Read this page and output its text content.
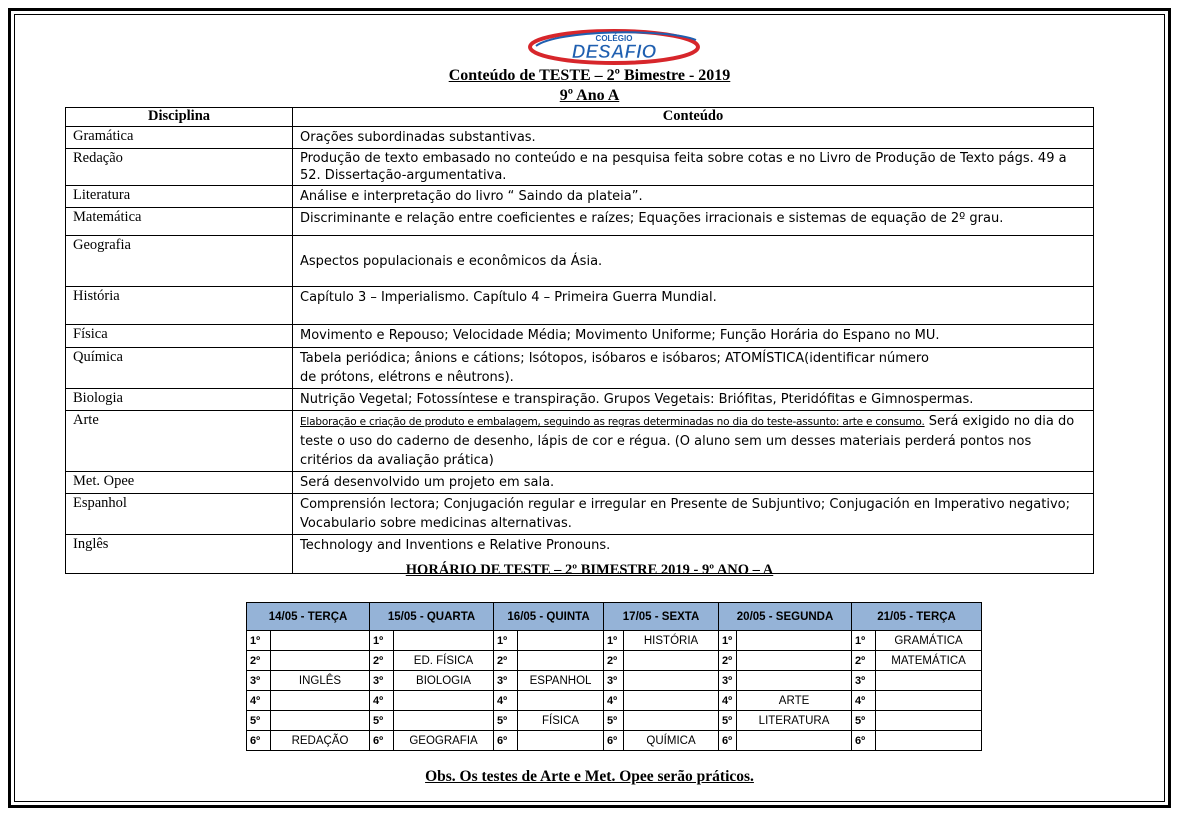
COLÉGIO
DESAFIO
Conteúdo de TESTE – 2º Bimestre - 2019
9º Ano A
Disciplina	Conteúdo
Gramática	Orações subordinadas substantivas.
Redação	Produção de texto embasado no conteúdo e na pesquisa feita sobre cotas e no Livro de Produção de Texto págs. 49 a 52. Dissertação-argumentativa.
Literatura	Análise e interpretação do livro “ Saindo da plateia”.
Matemática	Discriminante e relação entre coeficientes e raízes; Equações irracionais e sistemas de equação de 2º grau.
Geografia	Aspectos populacionais e econômicos da Ásia.
História	Capítulo 3 – Imperialismo. Capítulo 4 – Primeira Guerra Mundial.
Física	Movimento e Repouso; Velocidade Média; Movimento Uniforme; Função Horária do Espano no MU.
Química	Tabela periódica; ânions e cátions; Isótopos, isóbaros e isóbaros; ATOMÍSTICA(identificar número
de prótons, elétrons e nêutrons).

Biologia	Nutrição Vegetal; Fotossíntese e transpiração. Grupos Vegetais: Briófitas, Pteridófitas e Gimnospermas.
Arte	Elaboração e criação de produto e embalagem, seguindo as regras determinadas no dia do teste-assunto: arte e consumo. Será exigido no dia do teste o uso do caderno de desenho, lápis de cor e régua. (O aluno sem um desses materiais perderá pontos nos critérios da avaliação prática)
Met. Opee	Será desenvolvido um projeto em sala.
Espanhol	Comprensión lectora; Conjugación regular e irregular en Presente de Subjuntivo; Conjugación en Imperativo negativo; Vocabulario sobre medicinas alternativas.
Inglês	Technology and Inventions e Relative Pronouns.
HORÁRIO DE TESTE – 2º BIMESTRE 2019 - 9º ANO – A
14/05 - TERÇA		15/05 - QUARTA		16/05 - QUINTA		17/05 - SEXTA		20/05 - SEGUNDA		21/05 - TERÇA	
1º		1º		1º		1º	HISTÓRIA	1º		1º	GRAMÁTICA
2º		2º	ED. FÍSICA	2º		2º		2º		2º	MATEMÁTICA
3º	INGLÊS	3º	BIOLOGIA	3º	ESPANHOL	3º		3º		3º	
4º		4º		4º		4º		4º	ARTE	4º	
5º		5º		5º	FÍSICA	5º		5º	LITERATURA	5º	
6º	REDAÇÃO	6º	GEOGRAFIA	6º		6º	QUÍMICA	6º		6º	
Obs. Os testes de Arte e Met. Opee serão práticos.
